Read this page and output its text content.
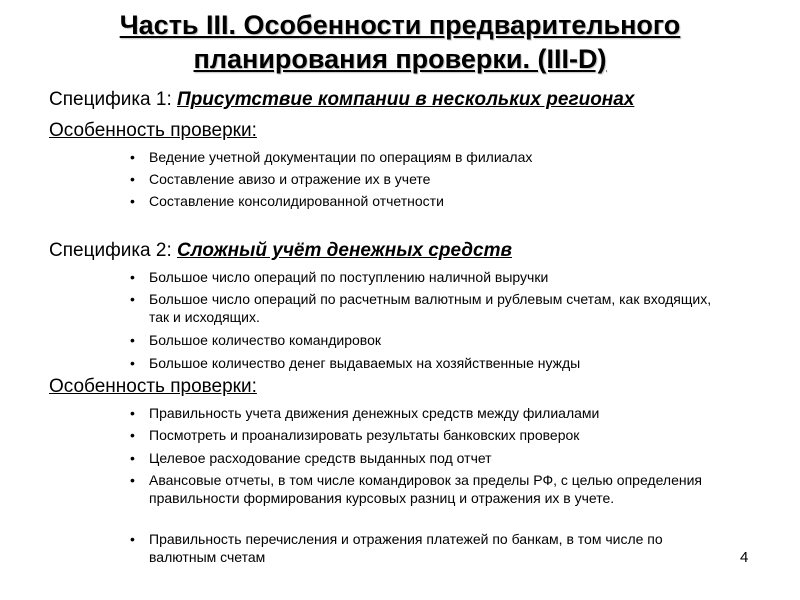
Часть III. Особенности предварительного планирования проверки. (III-D)
Специфика 1: Присутствие компании в нескольких регионах
Особенность проверки:
• Ведение учетной документации по операциям в филиалах
• Составление авизо и отражение их в учете
• Составление консолидированной отчетности
Специфика 2: Сложный учёт денежных средств
• Большое число операций по поступлению наличной выручки
• Большое число операций по расчетным валютным и рублевым счетам, как входящих, так и исходящих.
• Большое количество командировок
• Большое количество денег выдаваемых на хозяйственные нужды
Особенность проверки:
• Правильность учета движения денежных средств между филиалами
• Посмотреть и проанализировать результаты банковских проверок
• Целевое расходование средств выданных под отчет
• Авансовые отчеты, в том числе командировок за пределы РФ, с целью определения правильности формирования курсовых разниц и отражения их в учете.
• Правильность перечисления и отражения платежей по банкам, в том числе по валютным счетам	4
